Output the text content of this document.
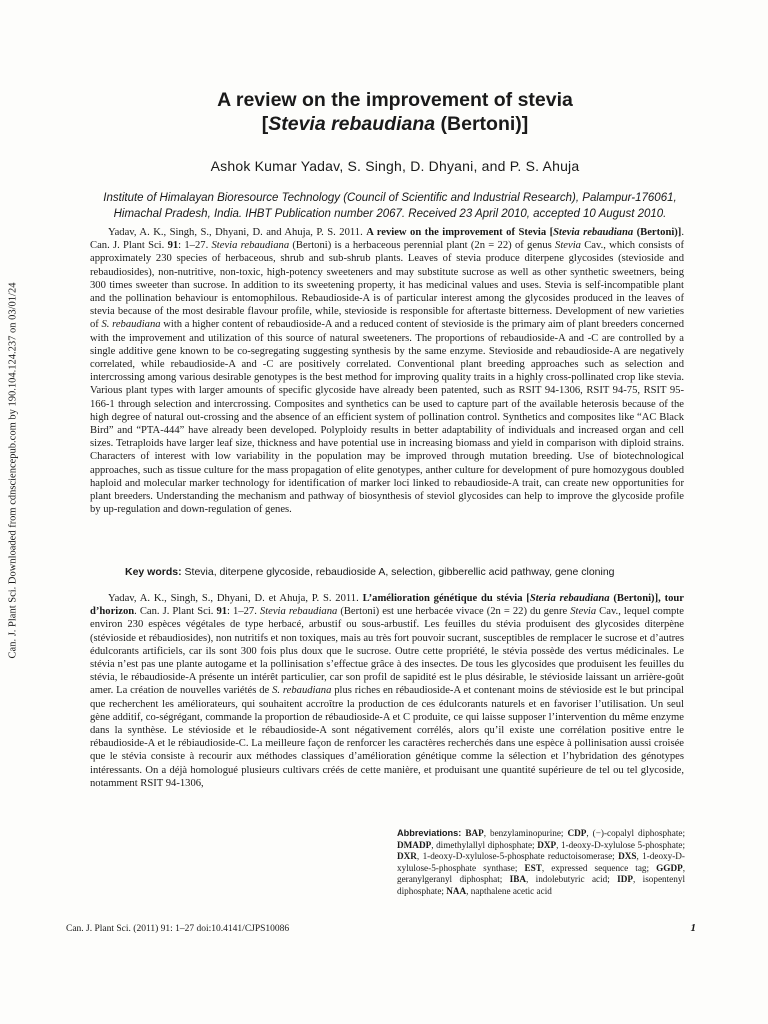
Can. J. Plant Sci. Downloaded from cdnsciencepub.com by 190.104.124.237 on 03/01/24
A review on the improvement of stevia
[Stevia rebaudiana (Bertoni)]
Ashok Kumar Yadav, S. Singh, D. Dhyani, and P. S. Ahuja
Institute of Himalayan Bioresource Technology (Council of Scientific and Industrial Research), Palampur-176061,
Himachal Pradesh, India. IHBT Publication number 2067. Received 23 April 2010, accepted 10 August 2010.
Yadav, A. K., Singh, S., Dhyani, D. and Ahuja, P. S. 2011. A review on the improvement of Stevia [Stevia rebaudiana (Bertoni)]. Can. J. Plant Sci. 91: 1–27. Stevia rebaudiana (Bertoni) is a herbaceous perennial plant (2n = 22) of genus Stevia Cav., which consists of approximately 230 species of herbaceous, shrub and sub-shrub plants. Leaves of stevia produce diterpene glycosides (stevioside and rebaudiosides), non-nutritive, non-toxic, high-potency sweeteners and may substitute sucrose as well as other synthetic sweetners, being 300 times sweeter than sucrose. In addition to its sweetening property, it has medicinal values and uses. Stevia is self-incompatible plant and the pollination behaviour is entomophilous. Rebaudioside-A is of particular interest among the glycosides produced in the leaves of stevia because of the most desirable flavour profile, while, stevioside is responsible for aftertaste bitterness. Development of new varieties of S. rebaudiana with a higher content of rebaudioside-A and a reduced content of stevioside is the primary aim of plant breeders concerned with the improvement and utilization of this source of natural sweeteners. The proportions of rebaudioside-A and -C are controlled by a single additive gene known to be co-segregating suggesting synthesis by the same enzyme. Stevioside and rebaudioside-A are negatively correlated, while rebaudioside-A and -C are positively correlated. Conventional plant breeding approaches such as selection and intercrossing among various desirable genotypes is the best method for improving quality traits in a highly cross-pollinated crop like stevia. Various plant types with larger amounts of specific glycoside have already been patented, such as RSIT 94-1306, RSIT 94-75, RSIT 95-166-1 through selection and intercrossing. Composites and synthetics can be used to capture part of the available heterosis because of the high degree of natural out-crossing and the absence of an efficient system of pollination control. Synthetics and composites like “AC Black Bird” and “PTA-444” have already been developed. Polyploidy results in better adaptability of individuals and increased organ and cell sizes. Tetraploids have larger leaf size, thickness and have potential use in increasing biomass and yield in comparison with diploid strains. Characters of interest with low variability in the population may be improved through mutation breeding. Use of biotechnological approaches, such as tissue culture for the mass propagation of elite genotypes, anther culture for development of pure homozygous doubled haploid and molecular marker technology for identification of marker loci linked to rebaudioside-A trait, can create new opportunities for plant breeders. Understanding the mechanism and pathway of biosynthesis of steviol glycosides can help to improve the glycoside profile by up-regulation and down-regulation of genes.
Key words: Stevia, diterpene glycoside, rebaudioside A, selection, gibberellic acid pathway, gene cloning
Yadav, A. K., Singh, S., Dhyani, D. et Ahuja, P. S. 2011. L’amélioration génétique du stévia [Steria rebaudiana (Bertoni)], tour d’horizon. Can. J. Plant Sci. 91: 1–27. Stevia rebaudiana (Bertoni) est une herbacée vivace (2n = 22) du genre Stevia Cav., lequel compte environ 230 espèces végétales de type herbacé, arbustif ou sous-arbustif. Les feuilles du stévia produisent des glycosides diterpène (stévioside et rébaudiosides), non nutritifs et non toxiques, mais au très fort pouvoir sucrant, susceptibles de remplacer le sucrose et d’autres édulcorants artificiels, car ils sont 300 fois plus doux que le sucrose. Outre cette propriété, le stévia possède des vertus médicinales. Le stévia n’est pas une plante autogame et la pollinisation s’effectue grâce à des insectes. De tous les glycosides que produisent les feuilles du stévia, le rébaudioside-A présente un intérêt particulier, car son profil de sapidité est le plus désirable, le stévioside laissant un arrière-goût amer. La création de nouvelles variétés de S. rebaudiana plus riches en rébaudioside-A et contenant moins de stévioside est le but principal que recherchent les améliorateurs, qui souhaitent accroître la production de ces édulcorants naturels et en favoriser l’utilisation. Un seul gène additif, co-ségrégant, commande la proportion de rébaudioside-A et C produite, ce qui laisse supposer l’intervention du même enzyme dans la synthèse. Le stévioside et le rébaudioside-A sont négativement corrélés, alors qu’il existe une corrélation positive entre le rébaudioside-A et le rébiaudioside-C. La meilleure façon de renforcer les caractères recherchés dans une espèce à pollinisation aussi croisée que le stévia consiste à recourir aux méthodes classiques d’amélioration génétique comme la sélection et l’hybridation des génotypes intéressants. On a déjà homologué plusieurs cultivars créés de cette manière, et produisant une quantité supérieure de tel ou tel glycoside, notamment RSIT 94-1306,
Abbreviations: BAP, benzylaminopurine; CDP, (−)-copalyl diphosphate; DMADP, dimethylallyl diphosphate; DXP, 1-deoxy-D-xylulose 5-phosphate; DXR, 1-deoxy-D-xylulose-5-phosphate reductoisomerase; DXS, 1-deoxy-D-xylulose-5-phosphate synthase; EST, expressed sequence tag; GGDP, geranylgeranyl diphosphat; IBA, indolebutyric acid; IDP, isopentenyl diphosphate; NAA, napthalene acetic acid
Can. J. Plant Sci. (2011) 91: 1–27 doi:10.4141/CJPS10086	1
